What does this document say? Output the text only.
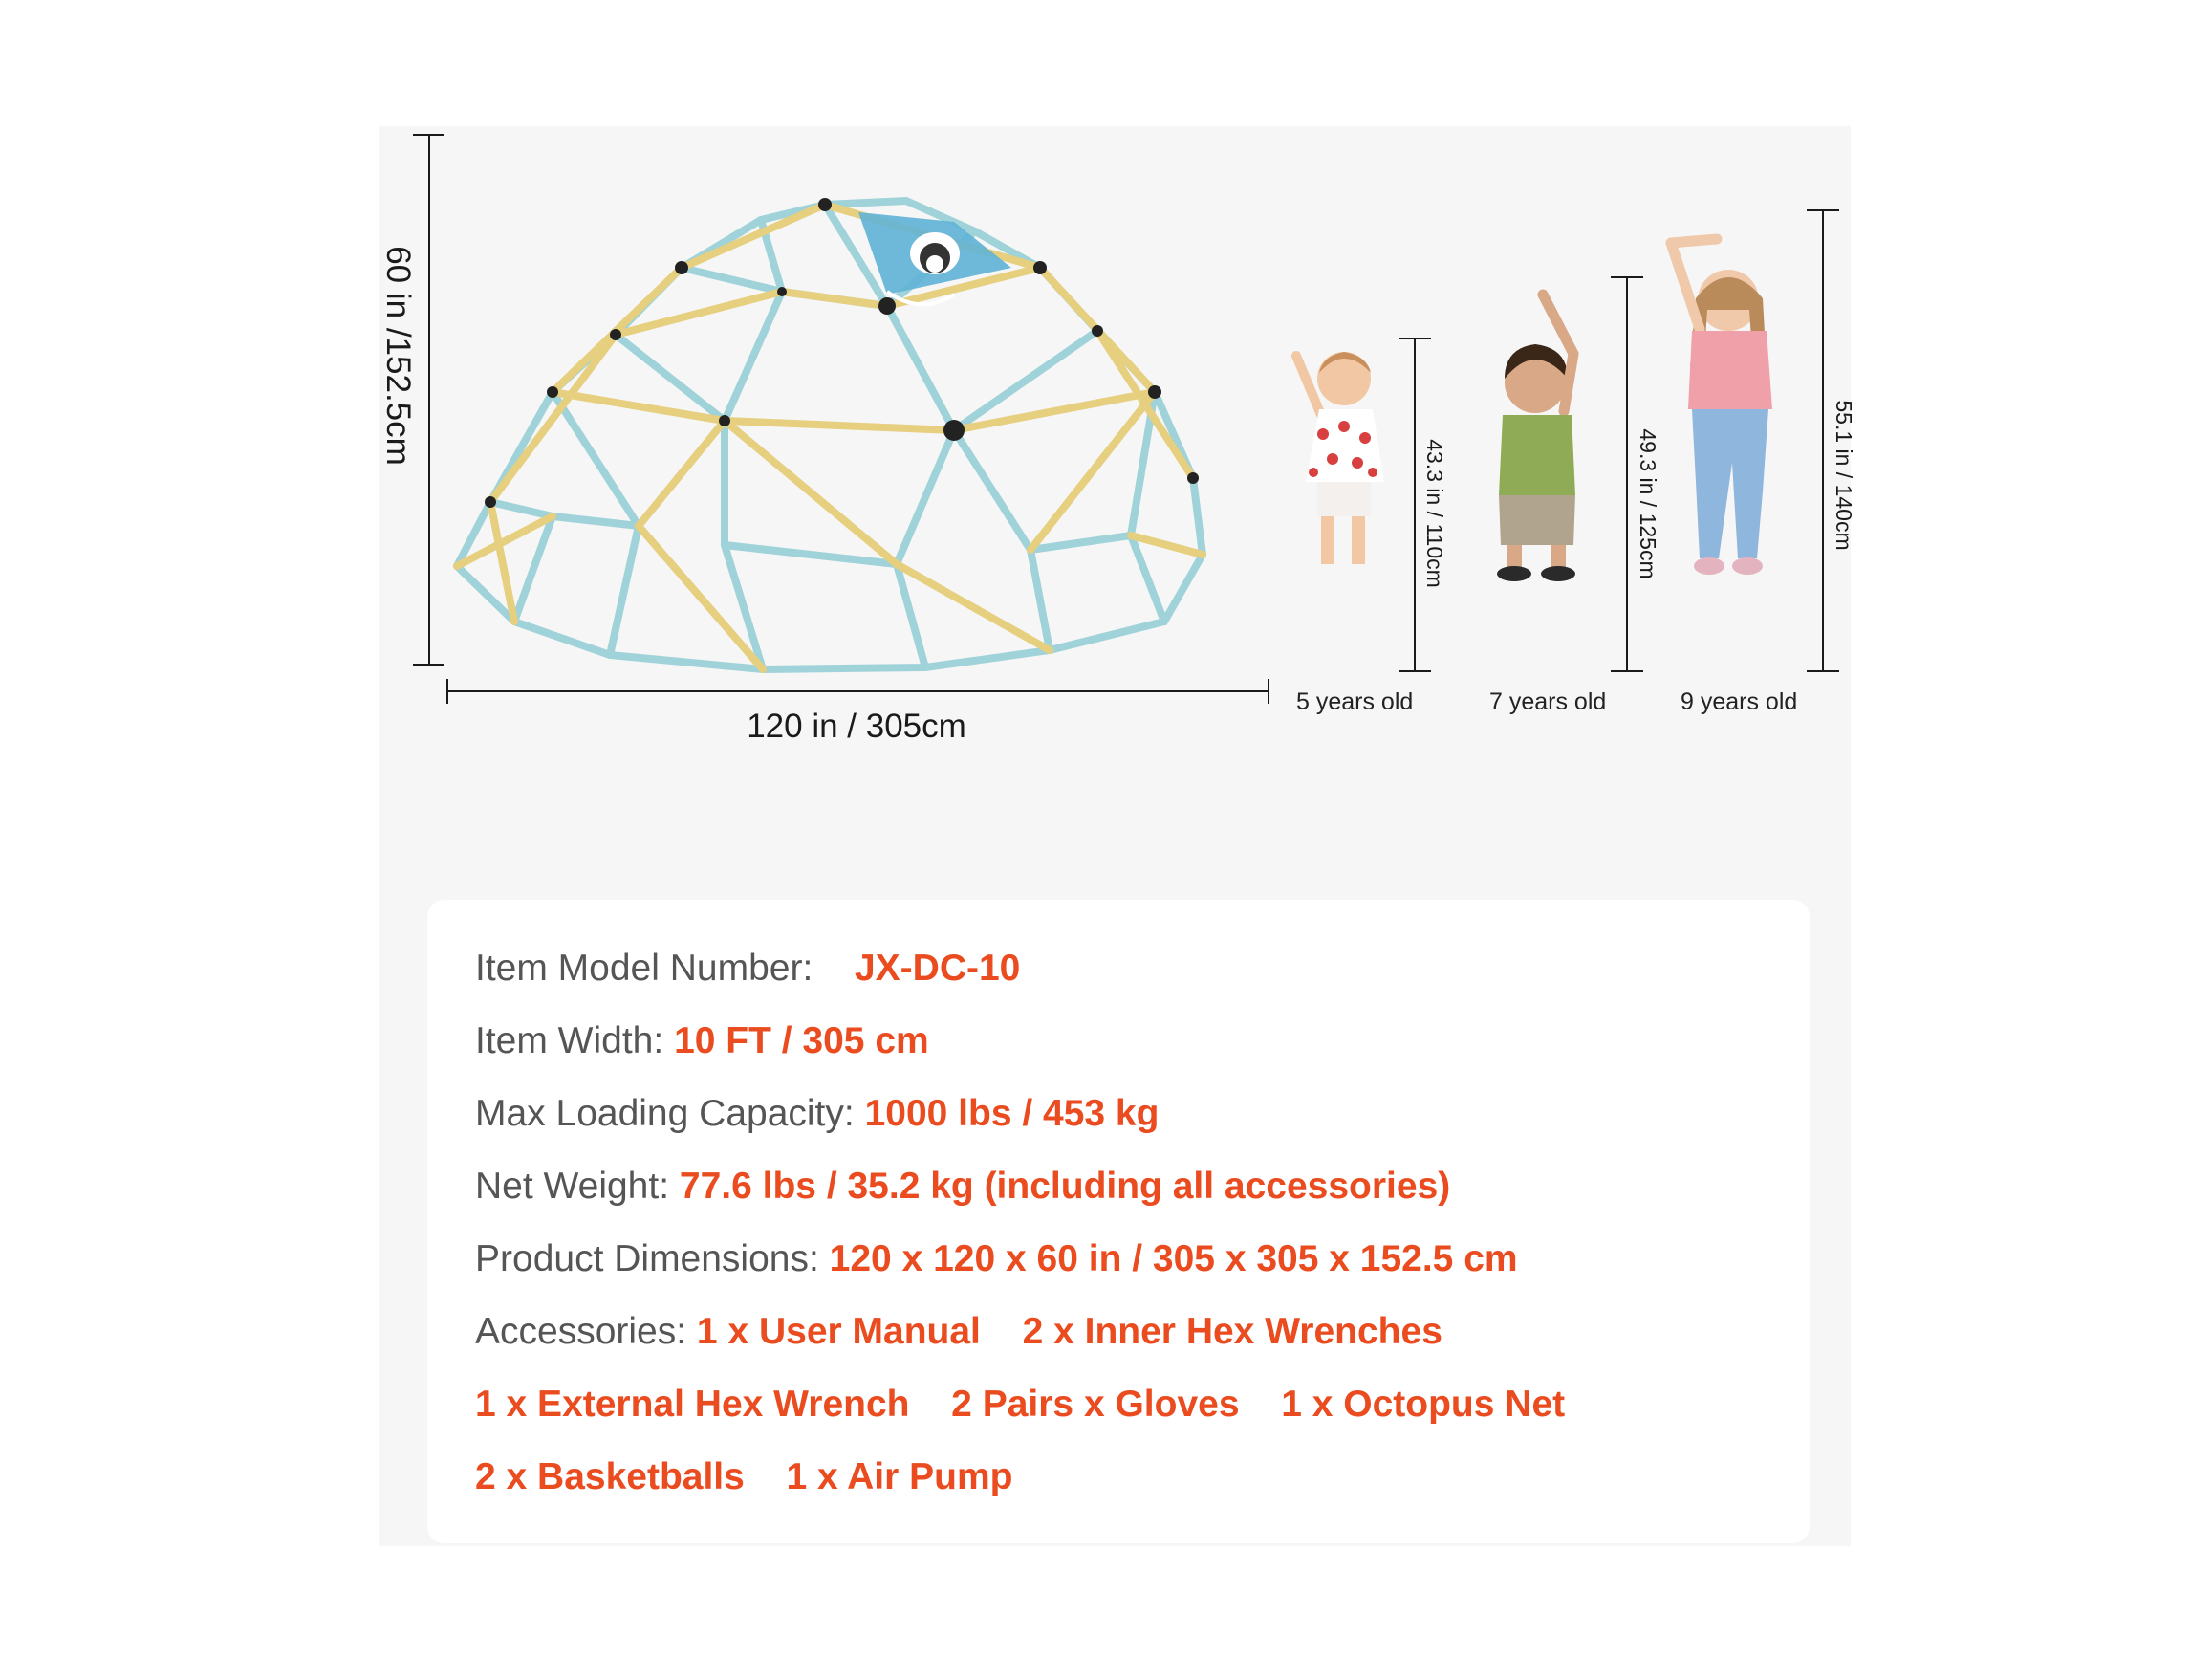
60 in /152.5cm
120 in / 305cm
43.3 in / 110cm
5 years old
49.3 in / 125cm
7 years old
55.1 in / 140cm
9 years old
Item Model Number: JX-DC-10
Item Width: 10 FT / 305 cm
Max Loading Capacity: 1000 lbs / 453 kg
Net Weight: 77.6 lbs / 35.2 kg (including all accessories)
Product Dimensions: 120 x 120 x 60 in / 305 x 305 x 152.5 cm
Accessories: 1 x User Manual 2 x Inner Hex Wrenches
1 x External Hex Wrench 2 Pairs x Gloves 1 x Octopus Net
2 x Basketballs 1 x Air Pump
